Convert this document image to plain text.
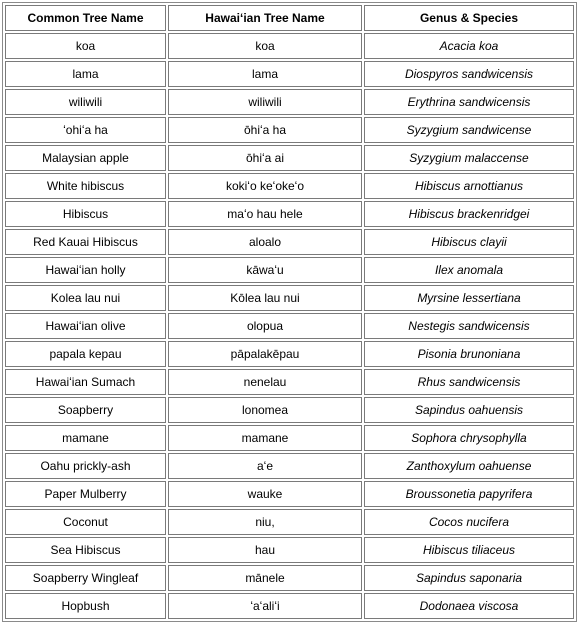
Common Tree Name	Hawaiʻian Tree Name	Genus & Species
koa	koa	Acacia koa
lama	lama	Diospyros sandwicensis
wiliwili	wiliwili	Erythrina sandwicensis
ʻohiʻa ha	ōhiʻa ha	Syzygium sandwicense
Malaysian apple	ōhiʻa ai	Syzygium malaccense
White hibiscus	kokiʻo keʻokeʻo	Hibiscus arnottianus
Hibiscus	maʻo hau hele	Hibiscus brackenridgei
Red Kauai Hibiscus	aloalo	Hibiscus clayii
Hawaiʻian holly	kāwaʻu	Ilex anomala
Kolea lau nui	Kōlea lau nui	Myrsine lessertiana
Hawaiʻian olive	olopua	Nestegis sandwicensis
papala kepau	pāpalakēpau	Pisonia brunoniana
Hawaiʻian Sumach	nenelau	Rhus sandwicensis
Soapberry	lonomea	Sapindus oahuensis
mamane	mamane	Sophora chrysophylla
Oahu prickly-ash	aʻe	Zanthoxylum oahuense
Paper Mulberry	wauke	Broussonetia papyrifera
Coconut	niu,	Cocos nucifera
Sea Hibiscus	hau	Hibiscus tiliaceus
Soapberry Wingleaf	mānele	Sapindus saponaria
Hopbush	ʻaʻaliʻi	Dodonaea viscosa
